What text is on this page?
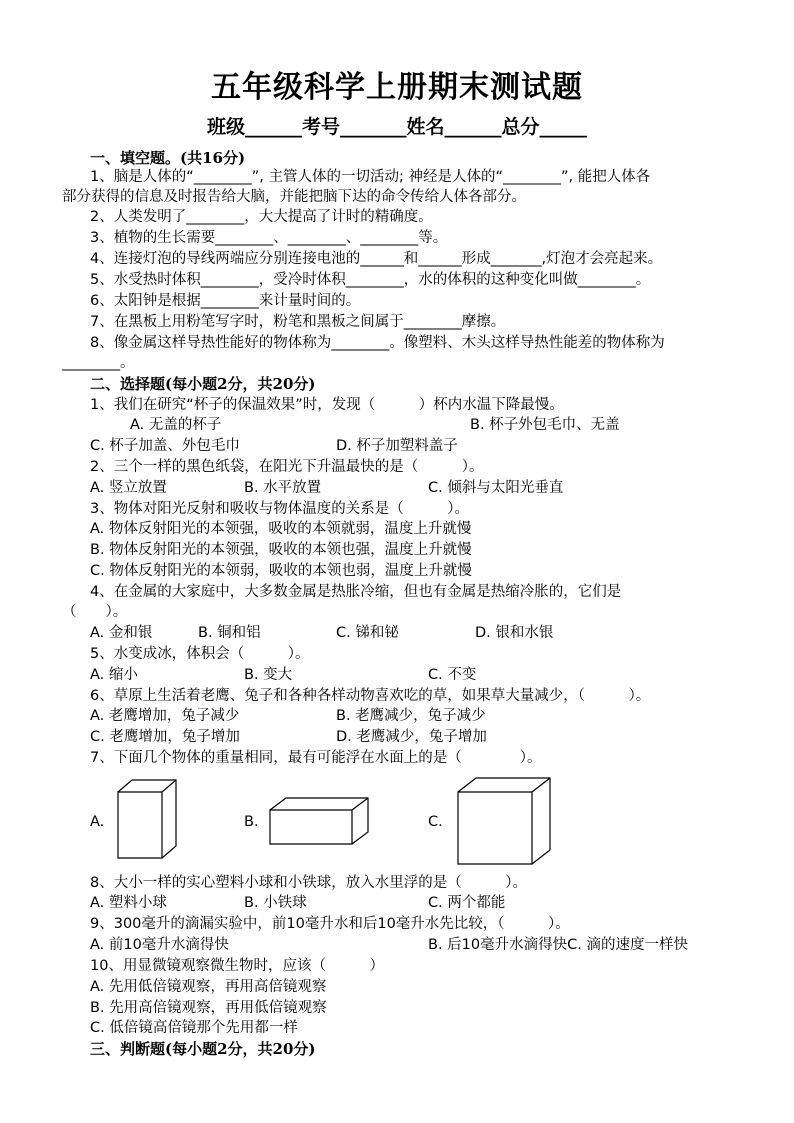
五年级科学上册期末测试题
班级______考号_______姓名______总分_____
一、填空题。(共16分)
1、脑是人体的“________”, 主管人体的一切活动; 神经是人体的“________”, 能把人体各
部分获得的信息及时报告给大脑，并能把脑下达的命令传给人体各部分。
2、人类发明了________，大大提高了计时的精确度。
3、植物的生长需要________、________、________等。
4、连接灯泡的导线两端应分别连接电池的______和______形成_______,灯泡才会亮起来。
5、水受热时体积________，受冷时体积________，水的体积的这种变化叫做________。
6、太阳钟是根据________来计量时间的。
7、在黑板上用粉笔写字时，粉笔和黑板之间属于________摩擦。
8、像金属这样导热性能好的物体称为________。像塑料、木头这样导热性能差的物体称为
________。
二、选择题(每小题2分，共20分)
1、我们在研究“杯子的保温效果”时，发现（　　　）杯内水温下降最慢。
A. 无盖的杯子	B. 杯子外包毛巾、无盖
C. 杯子加盖、外包毛巾	D. 杯子加塑料盖子
2、三个一样的黑色纸袋，在阳光下升温最快的是（　　　）。
A. 竖立放置	B. 水平放置	C. 倾斜与太阳光垂直
3、物体对阳光反射和吸收与物体温度的关系是（　　　）。
A. 物体反射阳光的本领强，吸收的本领就弱，温度上升就慢
B. 物体反射阳光的本领强，吸收的本领也强，温度上升就慢
C. 物体反射阳光的本领弱，吸收的本领也弱，温度上升就慢
4、在金属的大家庭中，大多数金属是热胀冷缩，但也有金属是热缩冷胀的，它们是
（　　）。
A. 金和银	B. 铜和铝	C. 锑和铋	D. 银和水银
5、水变成冰，体积会（　　　）。
A. 缩小	B. 变大	C. 不变
6、草原上生活着老鹰、兔子和各种各样动物喜欢吃的草，如果草大量减少，（　　　）。
A. 老鹰增加，兔子减少	B. 老鹰减少，兔子减少
C. 老鹰增加，兔子增加	D. 老鹰减少，兔子增加
7、下面几个物体的重量相同，最有可能浮在水面上的是（　　　　）。
A.	B.	C.
8、大小一样的实心塑料小球和小铁球，放入水里浮的是（　　　）。
A. 塑料小球	B. 小铁球	C. 两个都能
9、300毫升的滴漏实验中，前10毫升水和后10毫升水先比较，（　　　）。
A. 前10毫升水滴得快	B. 后10毫升水滴得快C. 滴的速度一样快
10、用显微镜观察微生物时，应该（　　　）
A. 先用低倍镜观察，再用高倍镜观察
B. 先用高倍镜观察，再用低倍镜观察
C. 低倍镜高倍镜那个先用都一样
三、判断题(每小题2分，共20分)
